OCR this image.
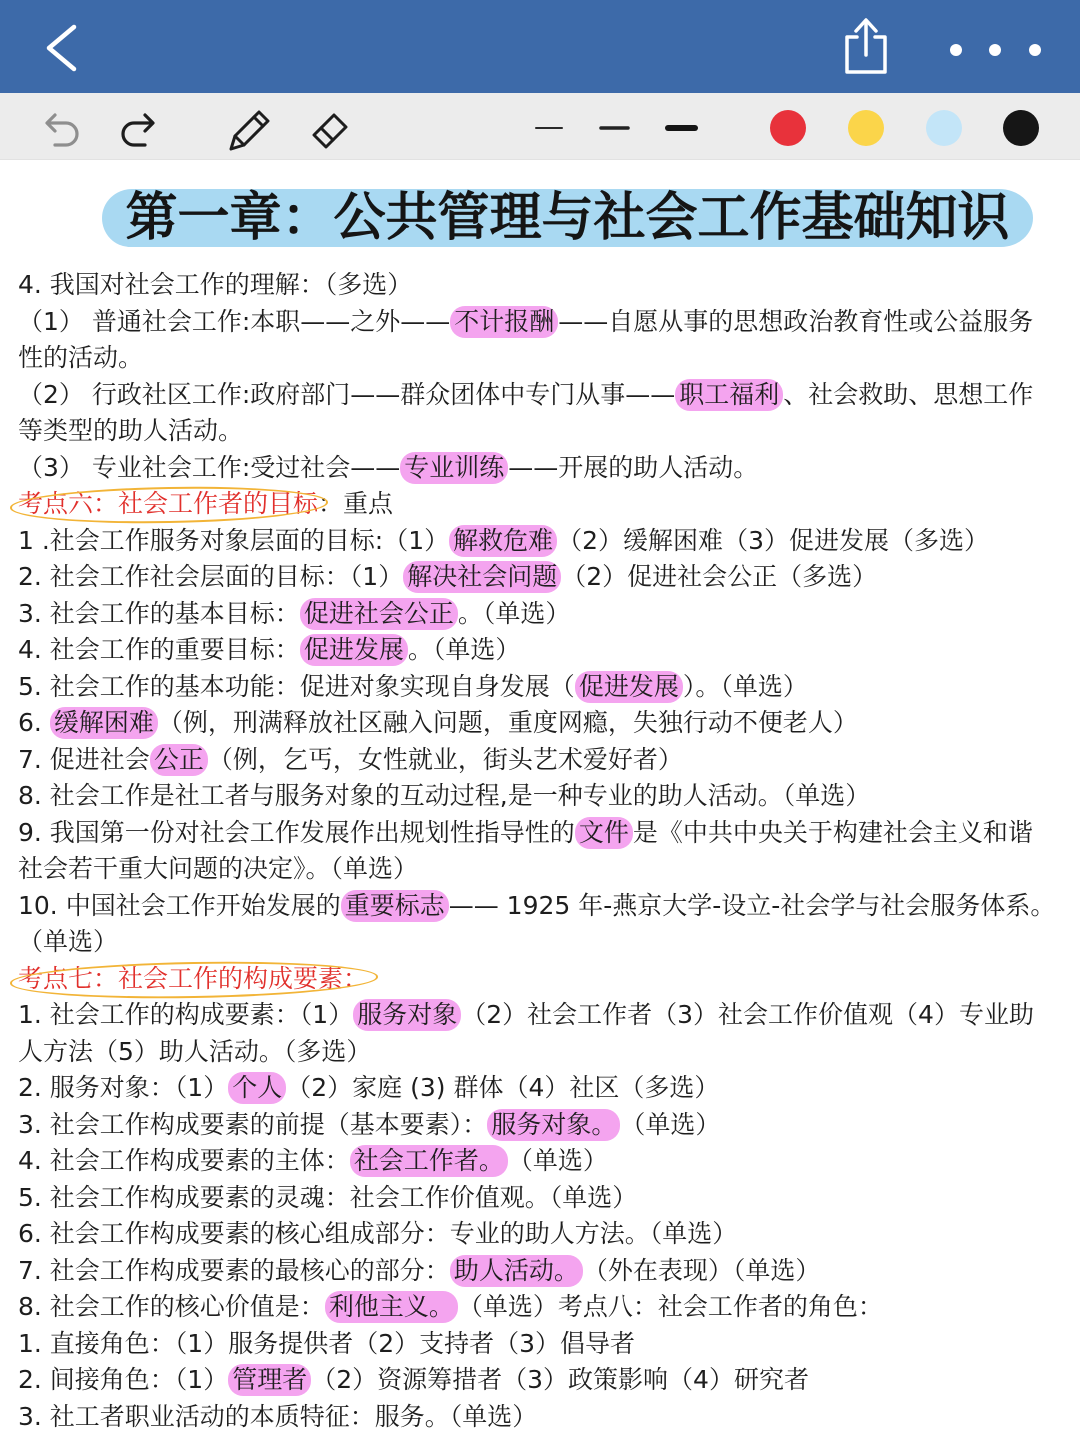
第一章：公共管理与社会工作基础知识
4. 我国对社会工作的理解：（多选）
（1） 普通社会工作:本职——之外—— 不计报酬 ——自愿从事的思想政治教育性或公益服务
性的活动。
（2） 行政社区工作:政府部门——群众团体中专门从事—— 职工福利 、社会救助、思想工作
等类型的助人活动。
（3） 专业社会工作:受过社会—— 专业训练 ——开展的助人活动。
考点六：社会工作者的目标：重点
1 .社会工作服务对象层面的目标:（1） 解救危难 （2）缓解困难（3）促进发展（多选）
2. 社会工作社会层面的目标：（1） 解决社会问题 （2）促进社会公正（多选）
3. 社会工作的基本目标： 促进社会公正 。（单选）
4. 社会工作的重要目标： 促进发展 。（单选）
5. 社会工作的基本功能：促进对象实现自身发展（ 促进发展 ）。（单选）
6. 缓解困难 （例，刑满释放社区融入问题，重度网瘾，失独行动不便老人）
7. 促进社会 公正 （例，乞丐，女性就业，街头艺术爱好者）
8. 社会工作是社工者与服务对象的互动过程,是一种专业的助人活动。（单选）
9. 我国第一份对社会工作发展作出规划性指导性的 文件 是《中共中央关于构建社会主义和谐
社会若干重大问题的决定》。（单选）
10. 中国社会工作开始发展的 重要标志 —— 1925 年-燕京大学-设立-社会学与社会服务体系。
（单选）
考点七：社会工作的构成要素：
1. 社会工作的构成要素：（1） 服务对象 （2）社会工作者（3）社会工作价值观（4）专业助
人方法（5）助人活动。（多选）
2. 服务对象：（1） 个人 （2）家庭 (3) 群体（4）社区（多选）
3. 社会工作构成要素的前提（基本要素）： 服务对象。 （单选）
4. 社会工作构成要素的主体： 社会工作者。 （单选）
5. 社会工作构成要素的灵魂：社会工作价值观。（单选）
6. 社会工作构成要素的核心组成部分：专业的助人方法。（单选）
7. 社会工作构成要素的最核心的部分： 助人活动。 （外在表现）（单选）
8. 社会工作的核心价值是： 利他主义。 （单选）考点八：社会工作者的角色：
1. 直接角色：（1）服务提供者（2）支持者（3）倡导者
2. 间接角色：（1） 管理者 （2）资源筹措者（3）政策影响（4）研究者
3. 社工者职业活动的本质特征：服务。（单选）
